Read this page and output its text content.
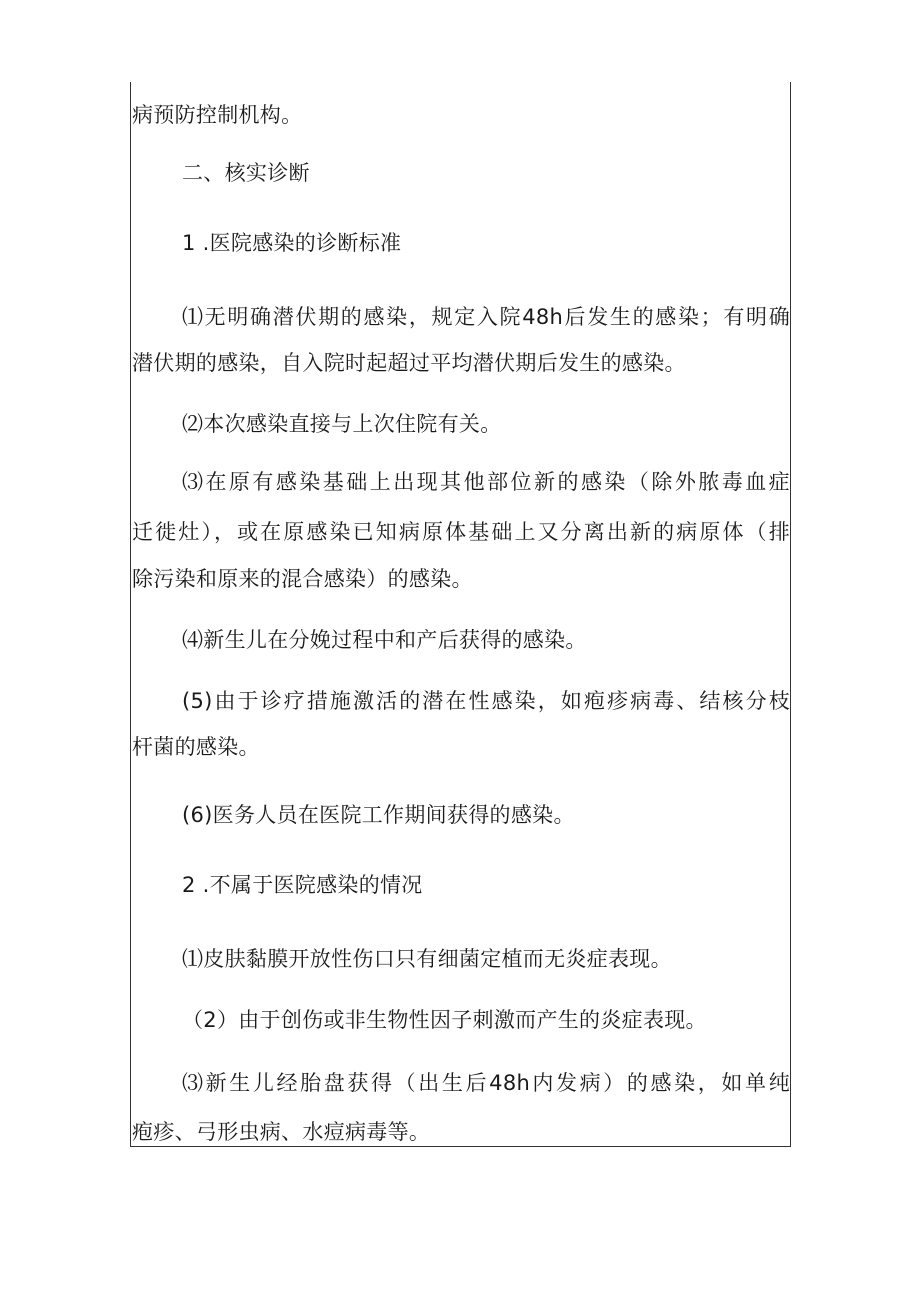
病预防控制机构。
二、核实诊断
1 .医院感染的诊断标准
⑴无明确潜伏期的感染，规定入院48h后发生的感染；有明确
潜伏期的感染，自入院时起超过平均潜伏期后发生的感染。
⑵本次感染直接与上次住院有关。
⑶在原有感染基础上出现其他部位新的感染（除外脓毒血症
迁徙灶），或在原感染已知病原体基础上又分离出新的病原体（排
除污染和原来的混合感染）的感染。
⑷新生儿在分娩过程中和产后获得的感染。
(5)由于诊疗措施激活的潜在性感染，如疱疹病毒、结核分枝
杆菌的感染。
(6)医务人员在医院工作期间获得的感染。
2 .不属于医院感染的情况
⑴皮肤黏膜开放性伤口只有细菌定植而无炎症表现。
（2）由于创伤或非生物性因子刺激而产生的炎症表现。
⑶新生儿经胎盘获得（出生后48h内发病）的感染，如单纯
疱疹、弓形虫病、水痘病毒等。
